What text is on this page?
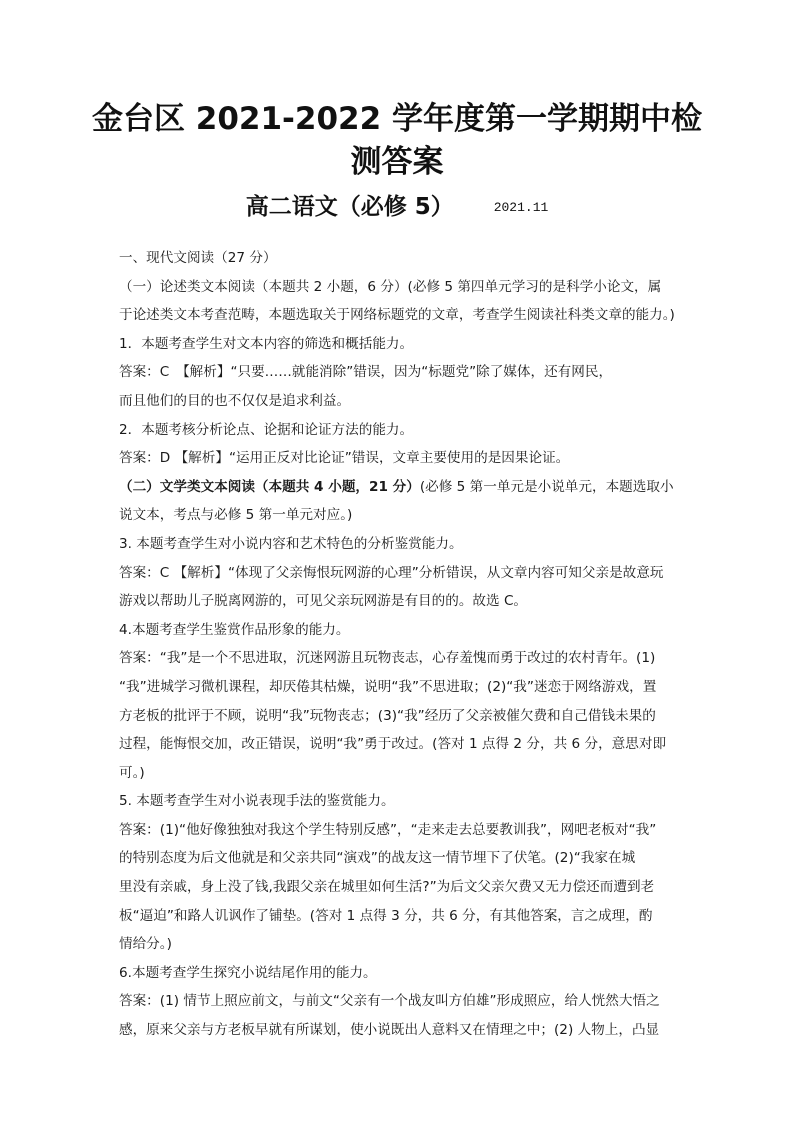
金台区 2021-2022 学年度第一学期期中检
测答案
高二语文（必修 5）	2021.11

一、现代文阅读（27 分）

（一）论述类文本阅读（本题共 2 小题，6 分）(必修 5 第四单元学习的是科学小论文，属

于论述类文本考查范畴，本题选取关于网络标题党的文章，考查学生阅读社科类文章的能力。)

1．本题考查学生对文本内容的筛选和概括能力。

答案：C　【解析】“只要……就能消除”错误，因为“标题党”除了媒体，还有网民，

而且他们的目的也不仅仅是追求利益。

2．本题考核分析论点、论据和论证方法的能力。

答案：D 【解析】“运用正反对比论证”错误，文章主要使用的是因果论证。

（二）文学类文本阅读（本题共 4 小题，21 分）(必修 5 第一单元是小说单元，本题选取小

说文本，考点与必修 5 第一单元对应。)

3. 本题考查学生对小说内容和艺术特色的分析鉴赏能力。

答案：C 【解析】“体现了父亲悔恨玩网游的心理”分析错误，从文章内容可知父亲是故意玩

游戏以帮助儿子脱离网游的，可见父亲玩网游是有目的的。故选 C。

4.本题考查学生鉴赏作品形象的能力。

答案：“我”是一个不思进取，沉迷网游且玩物丧志，心存羞愧而勇于改过的农村青年。(1)

“我”进城学习微机课程，却厌倦其枯燥，说明“我”不思进取；(2)“我”迷恋于网络游戏，置

方老板的批评于不顾，说明“我”玩物丧志；(3)“我”经历了父亲被催欠费和自己借钱未果的

过程，能悔恨交加，改正错误，说明“我”勇于改过。(答对 1 点得 2 分，共 6 分，意思对即

可。)

5. 本题考查学生对小说表现手法的鉴赏能力。

答案：(1)“他好像独独对我这个学生特别反感”，“走来走去总要教训我”，网吧老板对“我”

的特别态度为后文他就是和父亲共同“演戏”的战友这一情节埋下了伏笔。(2)“我家在城

里没有亲戚，身上没了钱,我跟父亲在城里如何生活?”为后文父亲欠费又无力偿还而遭到老

板“逼迫”和路人讥讽作了铺垫。(答对 1 点得 3 分，共 6 分，有其他答案，言之成理，酌

情给分。)

6.本题考查学生探究小说结尾作用的能力。

答案：(1) 情节上照应前文，与前文“父亲有一个战友叫方伯雄”形成照应，给人恍然大悟之

感，原来父亲与方老板早就有所谋划，使小说既出人意料又在情理之中；(2) 人物上，凸显
